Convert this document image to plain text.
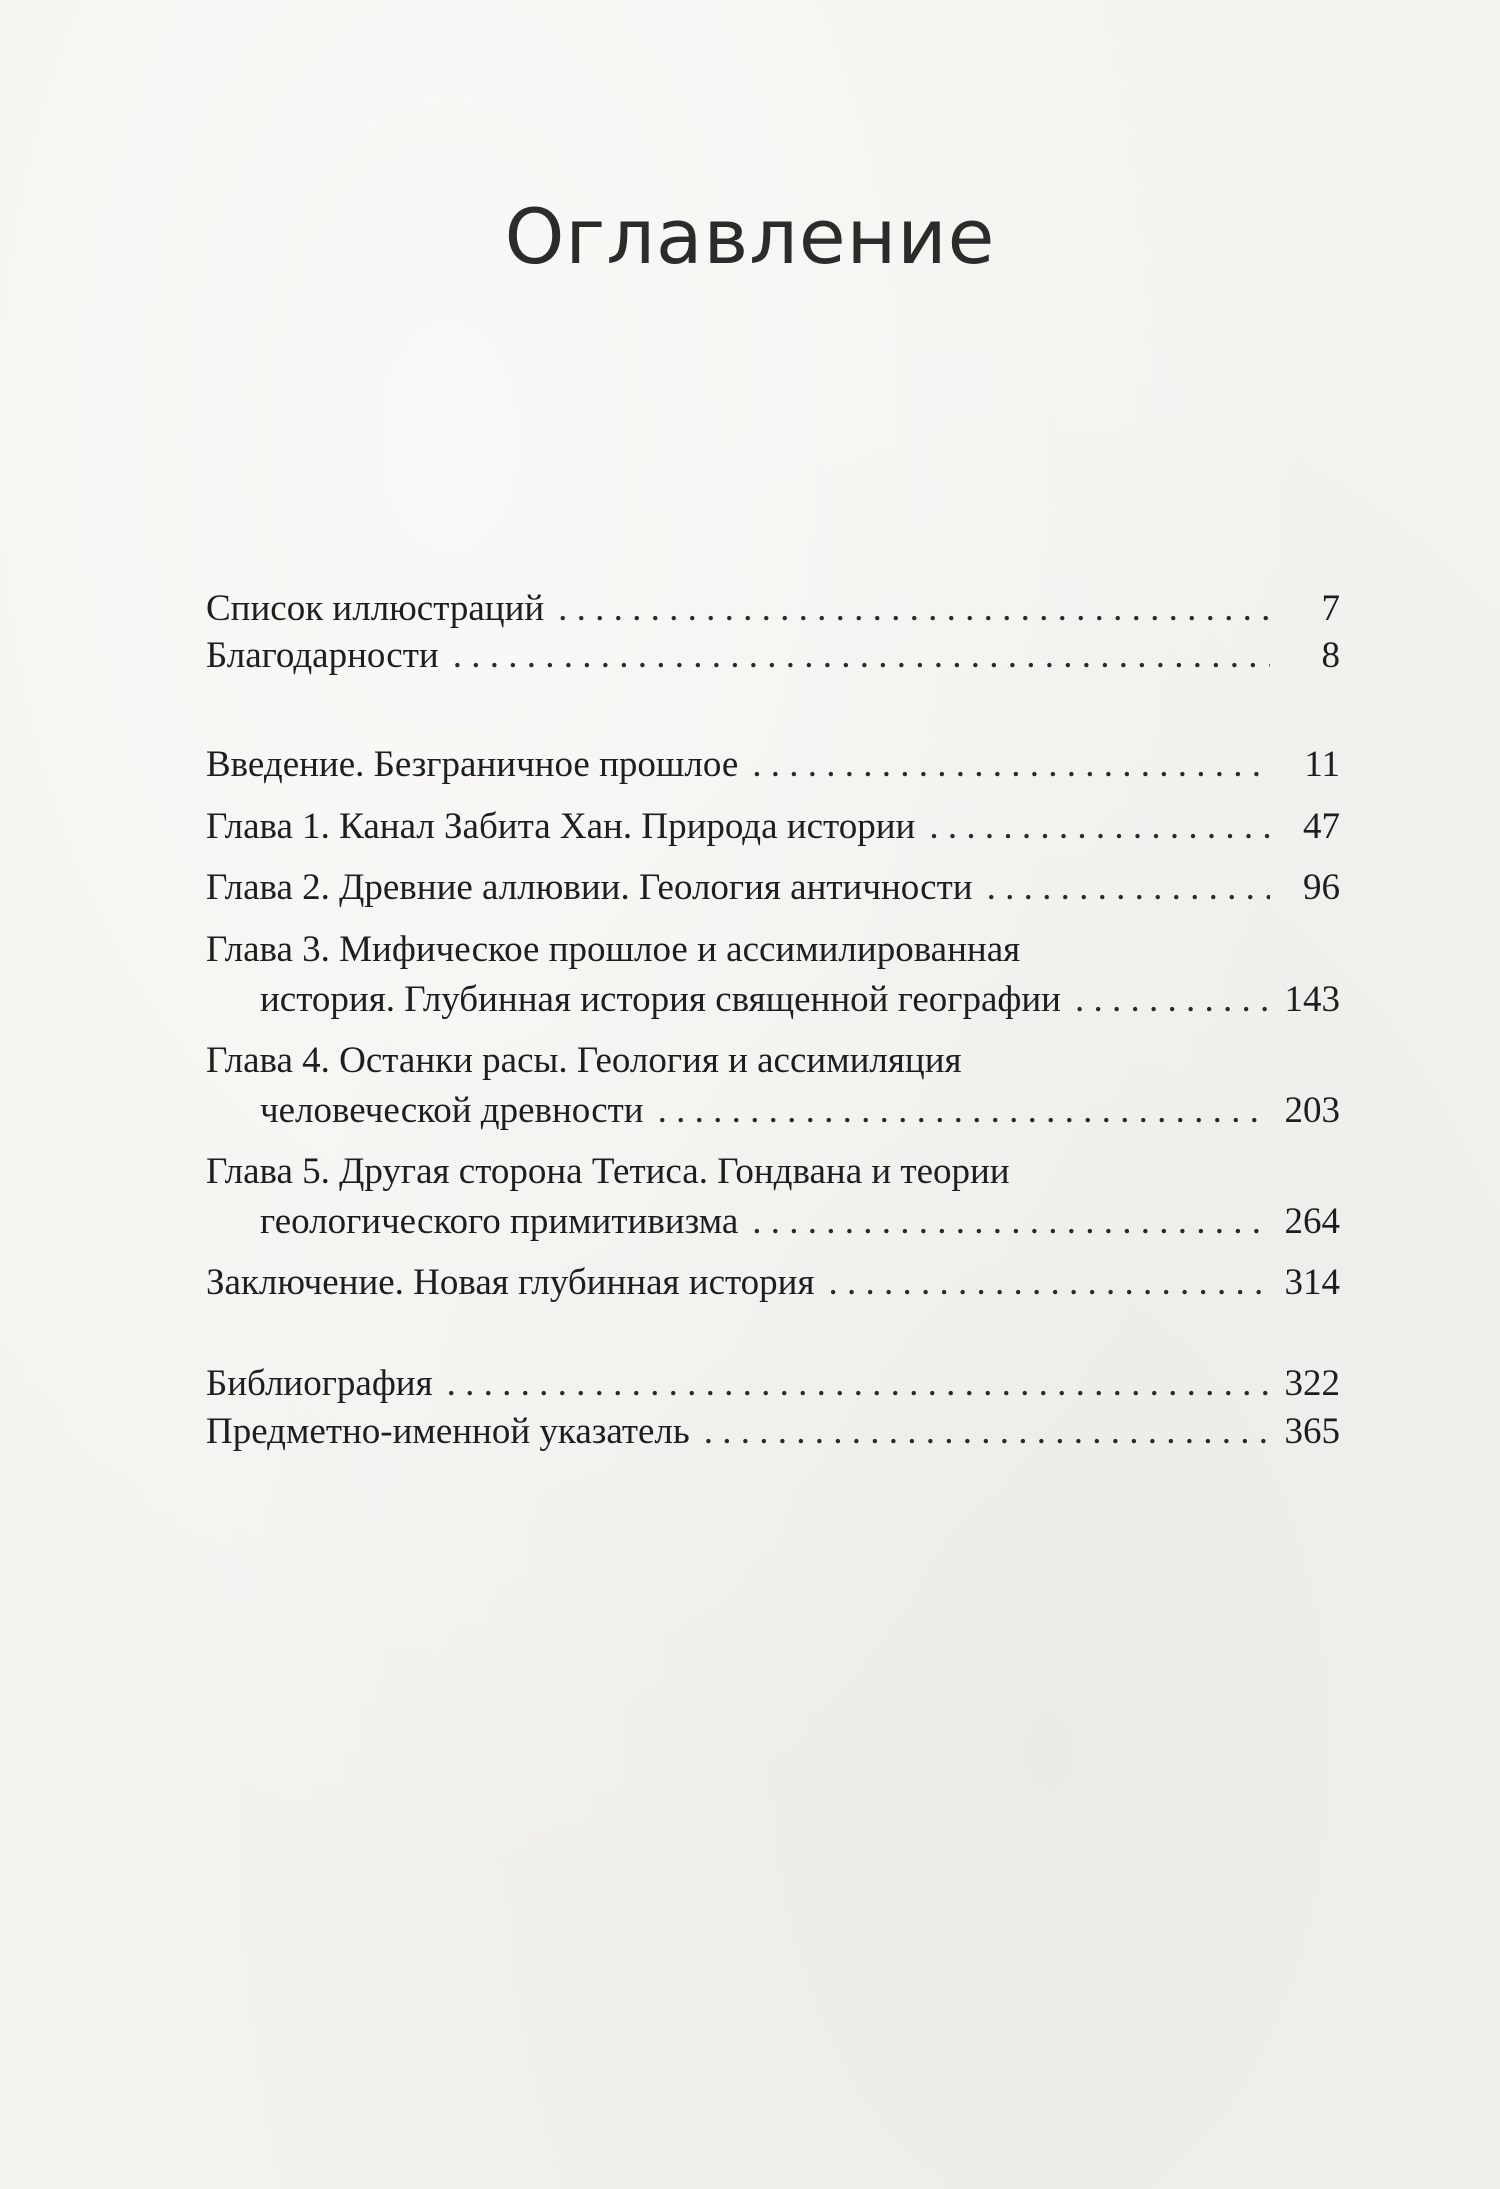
Оглавление
Список иллюстраций . . .	7
Благодарности . . .	8
Введение. Безграничное прошлое . . .	11
Глава 1. Канал Забита Хан. Природа истории . . .	47
Глава 2. Древние аллювии. Геология античности . . .	96
Глава 3. Мифическое прошлое и ассимилированная
история. Глубинная история священной географии . . .	143
Глава 4. Останки расы. Геология и ассимиляция
человеческой древности . . .	203
Глава 5. Другая сторона Тетиса. Гондвана и теории
геологического примитивизма . . .	264
Заключение. Новая глубинная история . . .	314
Библиография . . .	322
Предметно-именной указатель . . .	365
